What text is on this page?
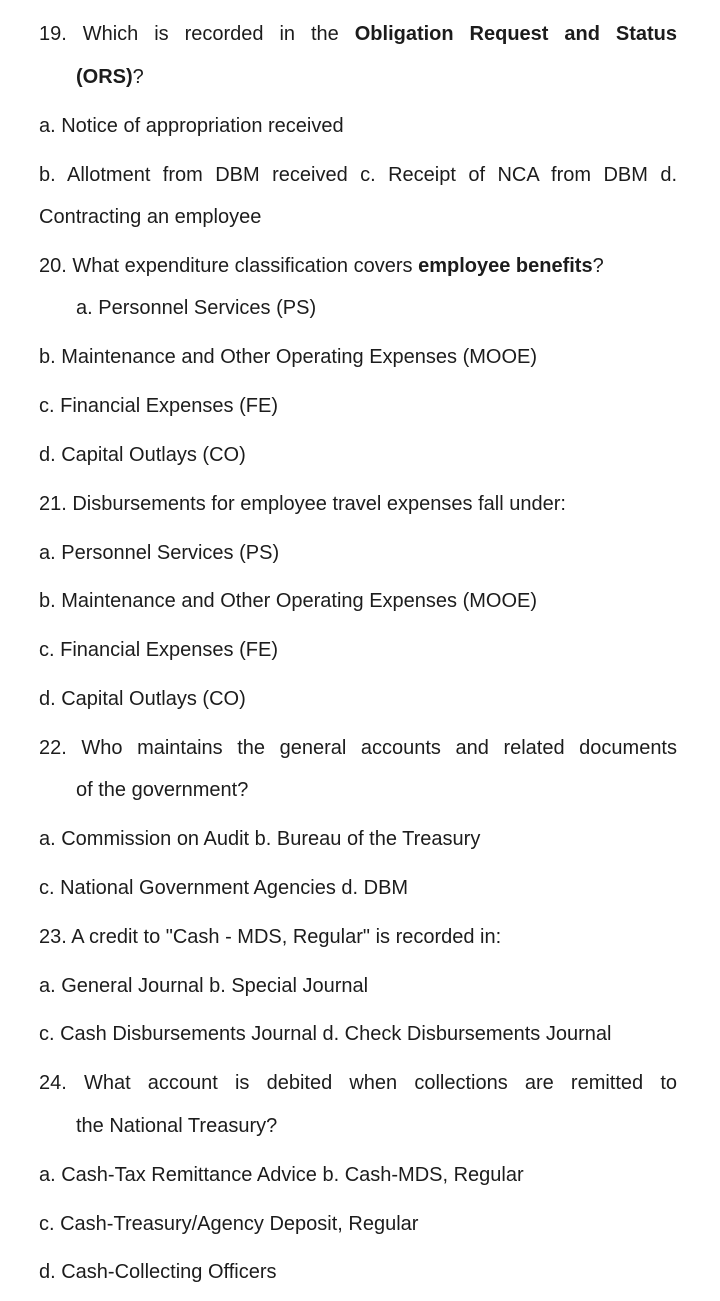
19. Which is recorded in the Obligation Request and Status
(ORS)?
a. Notice of appropriation received
b. Allotment from DBM received c. Receipt of NCA from DBM d.
Contracting an employee
20. What expenditure classification covers employee benefits?
a. Personnel Services (PS)
b. Maintenance and Other Operating Expenses (MOOE)
c. Financial Expenses (FE)
d. Capital Outlays (CO)
21. Disbursements for employee travel expenses fall under:
a. Personnel Services (PS)
b. Maintenance and Other Operating Expenses (MOOE)
c. Financial Expenses (FE)
d. Capital Outlays (CO)
22. Who maintains the general accounts and related documents
of the government?
a. Commission on Audit b. Bureau of the Treasury
c. National Government Agencies d. DBM
23. A credit to "Cash - MDS, Regular" is recorded in:
a. General Journal b. Special Journal
c. Cash Disbursements Journal d. Check Disbursements Journal
24. What account is debited when collections are remitted to
the National Treasury?
a. Cash-Tax Remittance Advice b. Cash-MDS, Regular
c. Cash-Treasury/Agency Deposit, Regular
d. Cash-Collecting Officers
